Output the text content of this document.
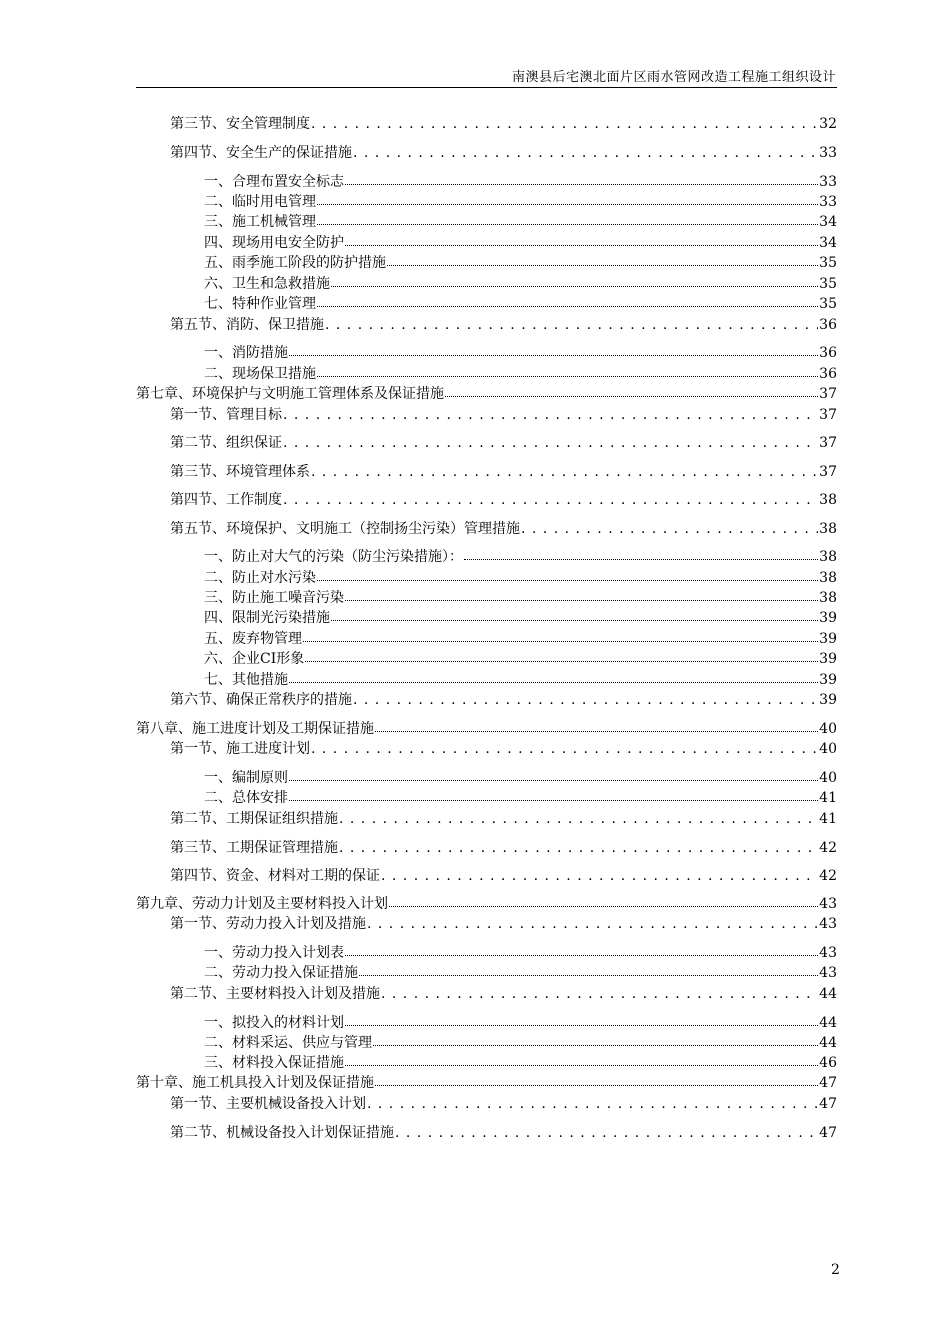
南澳县后宅澳北面片区雨水管网改造工程施工组织设计
第三节、安全管理制度 . . .	32
第四节、安全生产的保证措施 . . .	33
一、合理布置安全标志	33
二、临时用电管理	33
三、施工机械管理	34
四、现场用电安全防护	34
五、雨季施工阶段的防护措施	35
六、卫生和急救措施	35
七、特种作业管理	35
第五节、消防、保卫措施 . . .	36
一、消防措施	36
二、现场保卫措施	36
第七章、环境保护与文明施工管理体系及保证措施	37
第一节、管理目标 . . .	37
第二节、组织保证 . . .	37
第三节、环境管理体系 . . .	37
第四节、工作制度 . . .	38
第五节、环境保护、文明施工（控制扬尘污染）管理措施 . . .	38
一、防止对大气的污染（防尘污染措施）：	38
二、防止对水污染	38
三、防止施工噪音污染	38
四、限制光污染措施	39
五、废弃物管理	39
六、企业CI形象	39
七、其他措施	39
第六节、确保正常秩序的措施 . . .	39
第八章、施工进度计划及工期保证措施	40
第一节、施工进度计划 . . .	40
一、编制原则	40
二、总体安排	41
第二节、工期保证组织措施 . . .	41
第三节、工期保证管理措施 . . .	42
第四节、资金、材料对工期的保证 . . .	42
第九章、劳动力计划及主要材料投入计划	43
第一节、劳动力投入计划及措施 . . .	43
一、劳动力投入计划表	43
二、劳动力投入保证措施	43
第二节、主要材料投入计划及措施 . . .	44
一、拟投入的材料计划	44
二、材料采运、供应与管理	44
三、材料投入保证措施	46
第十章、施工机具投入计划及保证措施	47
第一节、主要机械设备投入计划 . . .	47
第二节、机械设备投入计划保证措施 . . .	47
2
